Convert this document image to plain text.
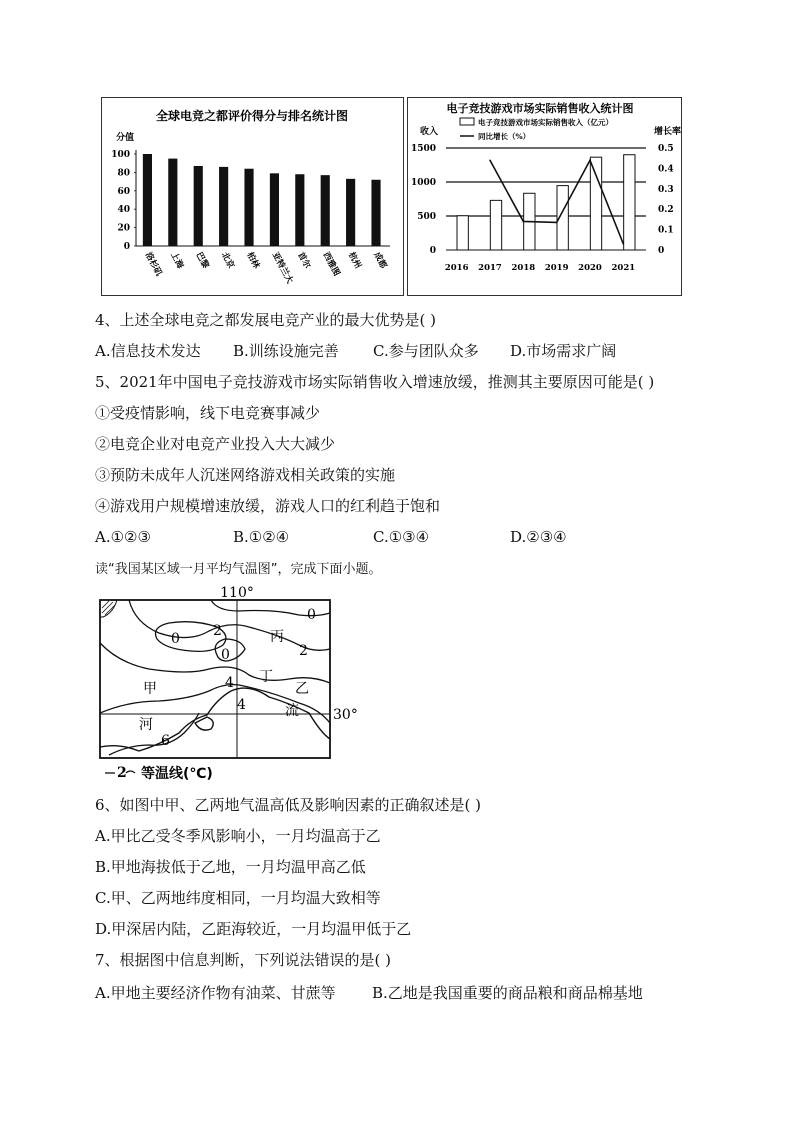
全球电竞之都评价得分与排名统计图
分值
0
20
40
60
80
100
洛杉矶 上海 巴黎 北京 柏林 亚特兰大 首尔 西雅图 杭州 成都
电子竞技游戏市场实际销售收入统计图
电子竞技游戏市场实际销售收入（亿元）
同比增长（%）
收入	增长率
0
500
1000
1500
0
0.1
0.2
0.3
0.4
0.5
2016 2017 2018 2019 2020 2021
4、上述全球电竞之都发展电竞产业的最大优势是( )
A.信息技术发达 B.训练设施完善 C.参与团队众多 D.市场需求广阔
5、2021年中国电子竞技游戏市场实际销售收入增速放缓，推测其主要原因可能是( )
①受疫情影响，线下电竞赛事减少
②电竞企业对电竞产业投入大大减少
③预防未成年人沉迷网络游戏相关政策的实施
④游戏用户规模增速放缓，游戏人口的红利趋于饱和
A.①②③	B.①②④	C.①③④	D.②③④
读“我国某区域一月平均气温图”，完成下面小题。
110°
30°
甲	乙
丙
丁
河
流
0
0
0
2
2
4
4
6
2 等温线(℃)
6、如图中甲、乙两地气温高低及影响因素的正确叙述是( )
A.甲比乙受冬季风影响小，一月均温高于乙
B.甲地海拔低于乙地，一月均温甲高乙低
C.甲、乙两地纬度相同，一月均温大致相等
D.甲深居内陆，乙距海较近，一月均温甲低于乙
7、根据图中信息判断，下列说法错误的是( )
A.甲地主要经济作物有油菜、甘蔗等 B.乙地是我国重要的商品粮和商品棉基地
